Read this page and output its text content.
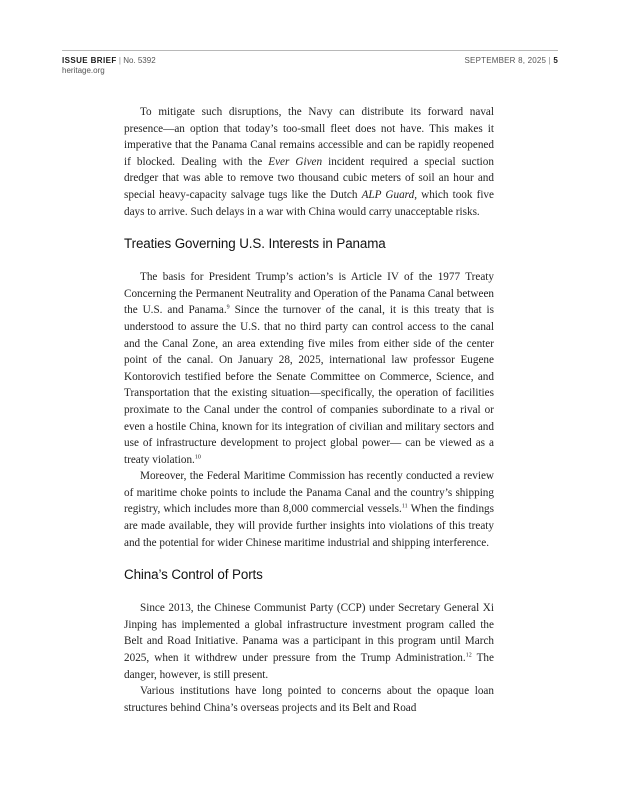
ISSUE BRIEF | No. 5392
heritage.org
SEPTEMBER 8, 2025 | 5

To mitigate such disruptions, the Navy can distribute its forward naval presence—an option that today’s too-small fleet does not have. This makes it imperative that the Panama Canal remains accessible and can be rapidly reopened if blocked. Dealing with the Ever Given incident required a special suction dredger that was able to remove two thousand cubic meters of soil an hour and special heavy-capacity salvage tugs like the Dutch ALP Guard, which took five days to arrive. Such delays in a war with China would carry unacceptable risks.

Treaties Governing U.S. Interests in Panama

The basis for President Trump’s action’s is Article IV of the 1977 Treaty Concerning the Permanent Neutrality and Operation of the Panama Canal between the U.S. and Panama.$^9$ Since the turnover of the canal, it is this treaty that is understood to assure the U.S. that no third party can control access to the canal and the Canal Zone, an area extending five miles from either side of the center point of the canal. On January 28, 2025, international law professor Eugene Kontorovich testified before the Senate Committee on Commerce, Science, and Transportation that the existing situation—specifically, the operation of facilities proximate to the Canal under the control of companies subordinate to a rival or even a hostile China, known for its integration of civilian and military sectors and use of infrastructure development to project global power— can be viewed as a treaty violation.$^{10}$

Moreover, the Federal Maritime Commission has recently conducted a review of maritime choke points to include the Panama Canal and the country’s shipping registry, which includes more than 8,000 commercial vessels.$^{11}$ When the findings are made available, they will provide further insights into violations of this treaty and the potential for wider Chinese maritime industrial and shipping interference.

China’s Control of Ports

Since 2013, the Chinese Communist Party (CCP) under Secretary General Xi Jinping has implemented a global infrastructure investment program called the Belt and Road Initiative. Panama was a participant in this program until March 2025, when it withdrew under pressure from the Trump Administration.$^{12}$ The danger, however, is still present.

Various institutions have long pointed to concerns about the opaque loan structures behind China’s overseas projects and its Belt and Road
